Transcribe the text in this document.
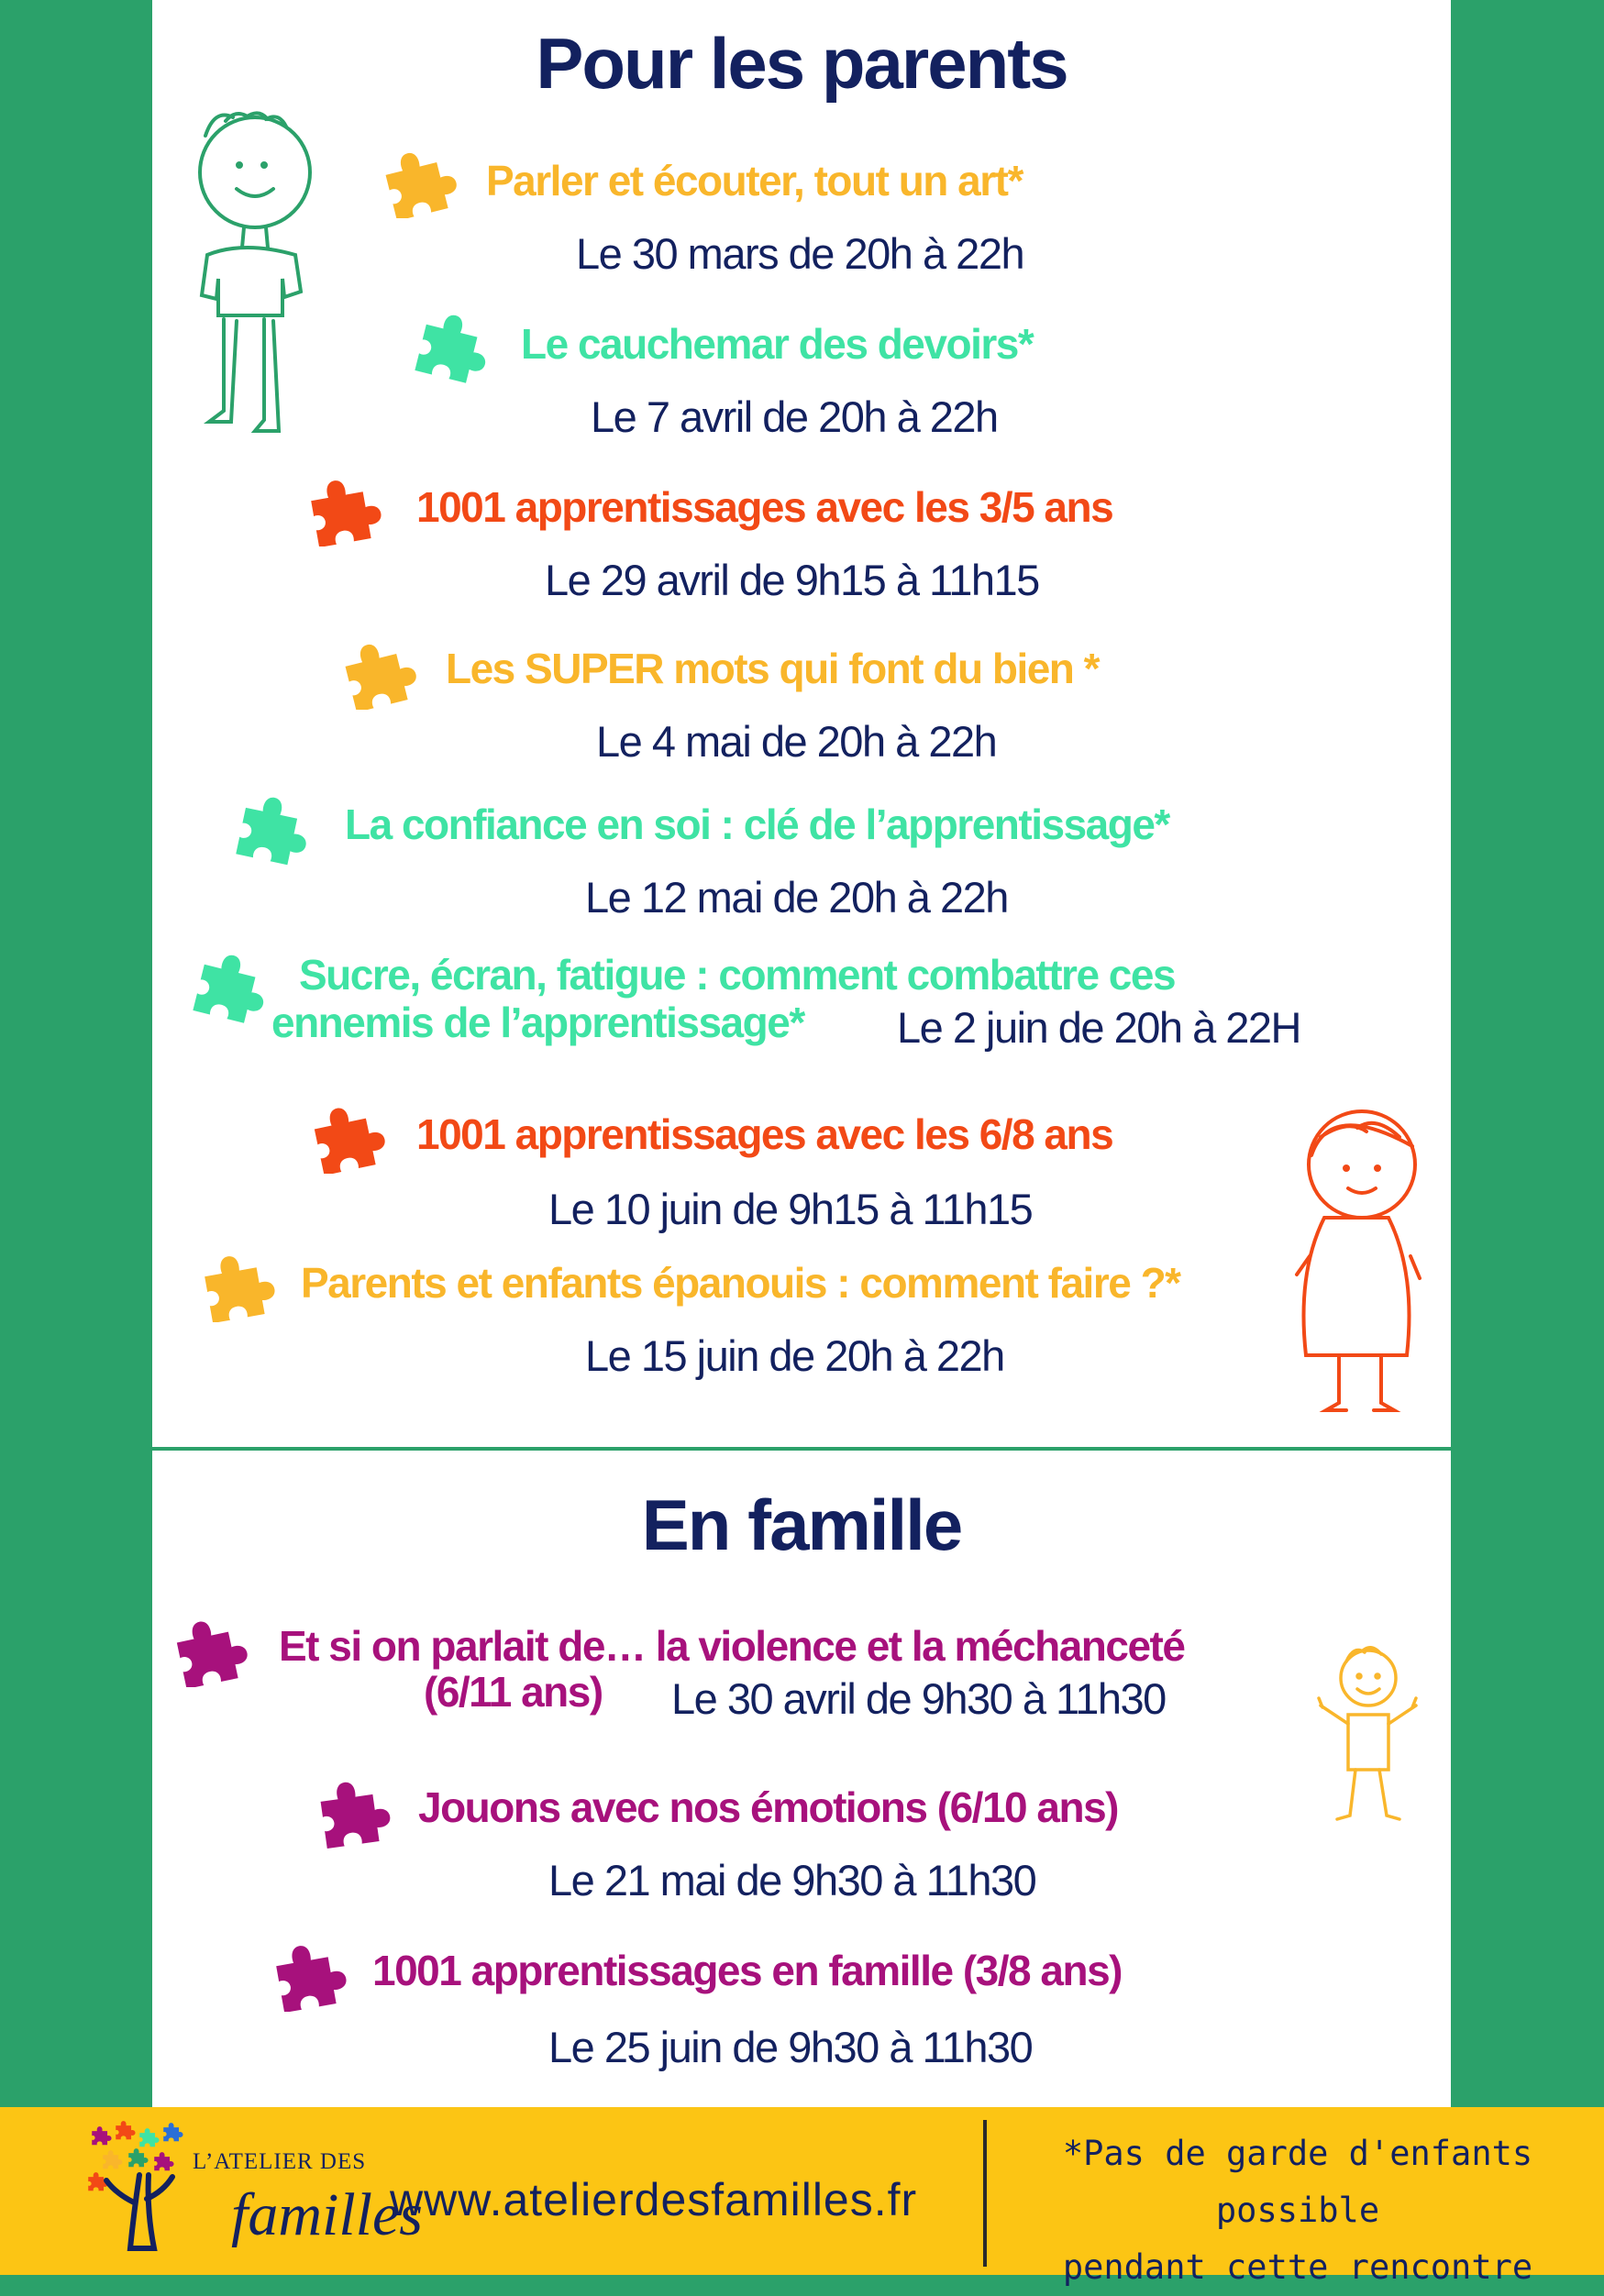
Pour les parents
Parler et écouter, tout un art*
Le 30 mars de 20h à 22h
Le cauchemar des devoirs*
Le 7 avril de 20h à 22h
1001 apprentissages avec les 3/5 ans
Le 29 avril de 9h15 à 11h15
Les SUPER mots qui font du bien *
Le 4 mai de 20h à 22h
La confiance en soi : clé de l’apprentissage*
Le 12 mai de 20h à 22h
Sucre, écran, fatigue : comment combattre ces
ennemis de l’apprentissage* Le 2 juin de 20h à 22H
1001 apprentissages avec les 6/8 ans
Le 10 juin de 9h15 à 11h15
Parents et enfants épanouis : comment faire ?*
Le 15 juin de 20h à 22h
En famille
Et si on parlait de… la violence et la méchanceté
(6/11 ans) Le 30 avril de 9h30 à 11h30
Jouons avec nos émotions (6/10 ans)
Le 21 mai de 9h30 à 11h30
1001 apprentissages en famille (3/8 ans)
Le 25 juin de 9h30 à 11h30
L’ATELIER DES
familles
www.atelierdesfamilles.fr
*Pas de garde d'enfants possible
pendant cette rencontre
